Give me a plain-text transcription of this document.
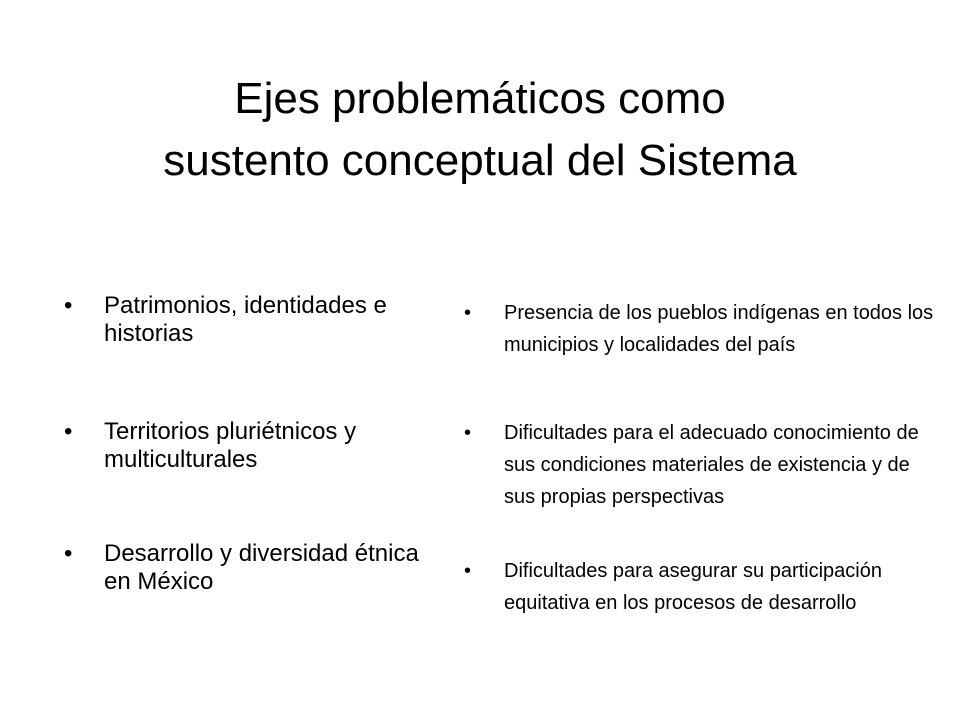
Ejes problemáticos como
sustento conceptual del Sistema
• Patrimonios, identidades e historias
• Territorios pluriétnicos y multiculturales
• Desarrollo y diversidad étnica en México
• Presencia de los pueblos indígenas en todos los municipios y localidades del país
• Dificultades para el adecuado conocimiento de sus condiciones materiales de existencia y de sus propias perspectivas
• Dificultades para asegurar su participación equitativa en los procesos de desarrollo
